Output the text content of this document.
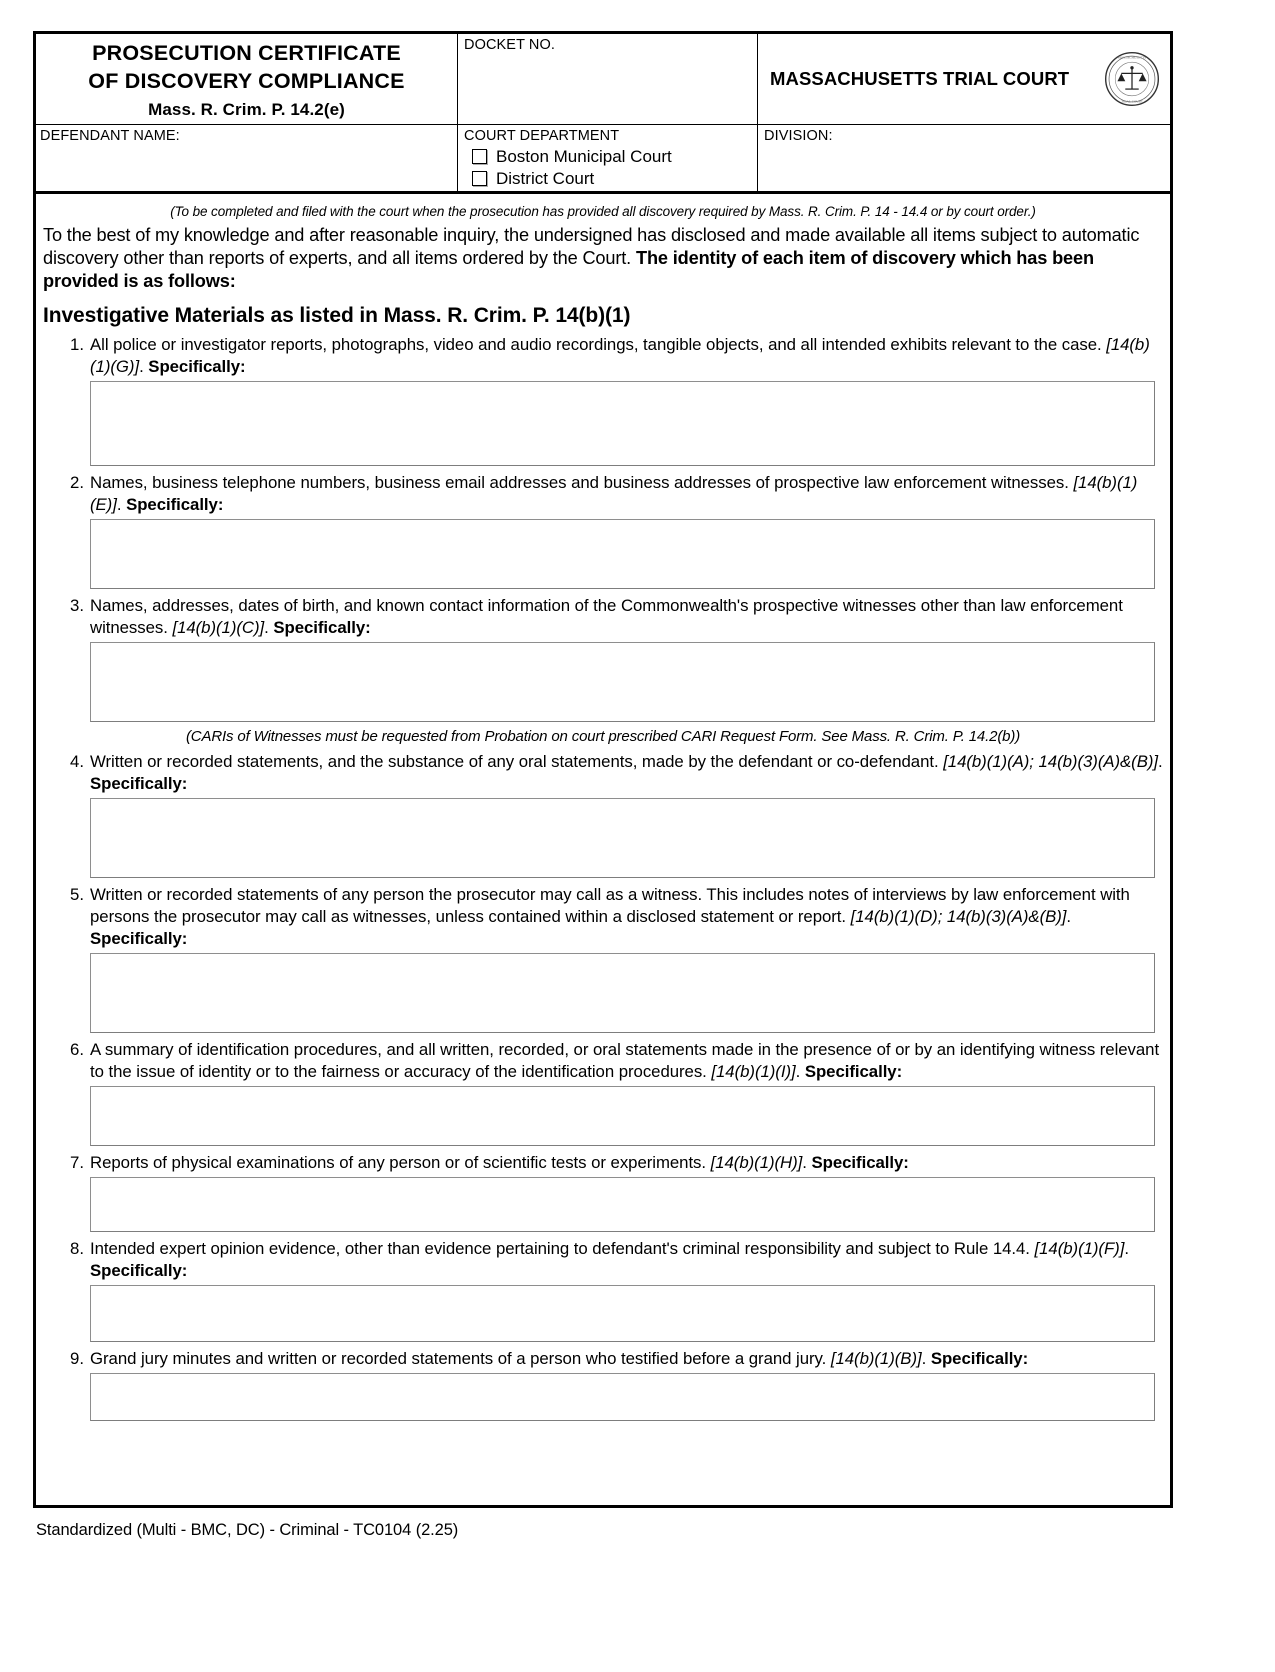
PROSECUTION CERTIFICATE
OF DISCOVERY COMPLIANCE
Mass. R. Crim. P. 14.2(e)
DOCKET NO.
MASSACHUSETTS TRIAL COURT
MASSACHUSETTS
TRIAL COURT
DEFENDANT NAME:	COURT DEPARTMENT
Boston Municipal Court
District Court
DIVISION:
(To be completed and filed with the court when the prosecution has provided all discovery required by Mass. R. Crim. P. 14 - 14.4 or by court order.)

To the best of my knowledge and after reasonable inquiry, the undersigned has disclosed and made available all items subject to automatic discovery other than reports of experts, and all items ordered by the Court. The identity of each item of discovery which has been provided is as follows:

Investigative Materials as listed in Mass. R. Crim. P. 14(b)(1)
1. All police or investigator reports, photographs, video and audio recordings, tangible objects, and all intended exhibits relevant to the case. [14(b)(1)(G)]. Specifically:
2. Names, business telephone numbers, business email addresses and business addresses of prospective law enforcement witnesses. [14(b)(1)(E)]. Specifically:
3. Names, addresses, dates of birth, and known contact information of the Commonwealth's prospective witnesses other than law enforcement witnesses. [14(b)(1)(C)]. Specifically:
(CARIs of Witnesses must be requested from Probation on court prescribed CARI Request Form. See Mass. R. Crim. P. 14.2(b))
4. Written or recorded statements, and the substance of any oral statements, made by the defendant or co-defendant. [14(b)(1)(A); 14(b)(3)(A)&(B)]. Specifically:
5. Written or recorded statements of any person the prosecutor may call as a witness. This includes notes of interviews by law enforcement with persons the prosecutor may call as witnesses, unless contained within a disclosed statement or report. [14(b)(1)(D); 14(b)(3)(A)&(B)]. Specifically:
6. A summary of identification procedures, and all written, recorded, or oral statements made in the presence of or by an identifying witness relevant to the issue of identity or to the fairness or accuracy of the identification procedures. [14(b)(1)(I)]. Specifically:
7. Reports of physical examinations of any person or of scientific tests or experiments. [14(b)(1)(H)]. Specifically:
8. Intended expert opinion evidence, other than evidence pertaining to defendant's criminal responsibility and subject to Rule 14.4. [14(b)(1)(F)]. Specifically:
9. Grand jury minutes and written or recorded statements of a person who testified before a grand jury. [14(b)(1)(B)]. Specifically:
Standardized (Multi - BMC, DC) - Criminal - TC0104 (2.25)
